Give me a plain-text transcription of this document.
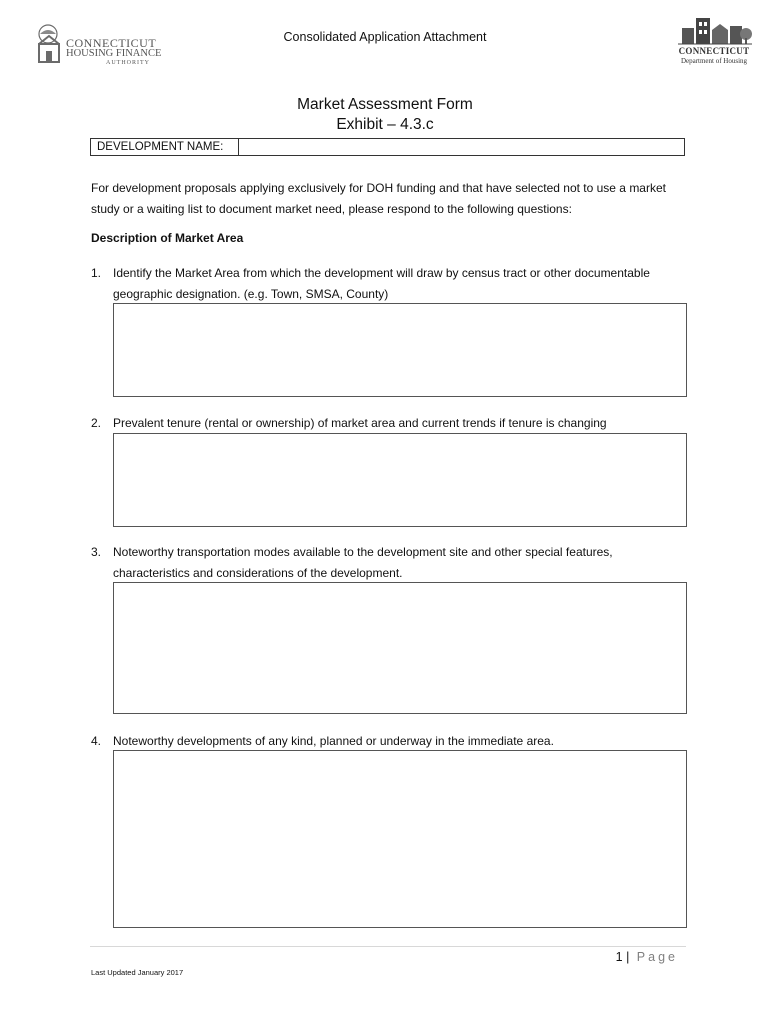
Consolidated Application Attachment
CONNECTICUT
HOUSING FINANCE
AUTHORITY
CONNECTICUT
Department of Housing
Market Assessment Form
Exhibit – 4.3.c
DEVELOPMENT NAME:
For development proposals applying exclusively for DOH funding and that have selected not to use a market study or a waiting list to document market need, please respond to the following questions:
Description of Market Area
1. Identify the Market Area from which the development will draw by census tract or other documentable geographic designation. (e.g. Town, SMSA, County)
2. Prevalent tenure (rental or ownership) of market area and current trends if tenure is changing
3. Noteworthy transportation modes available to the development site and other special features, characteristics and considerations of the development.
4. Noteworthy developments of any kind, planned or underway in the immediate area.
1 | Page
Last Updated January 2017
